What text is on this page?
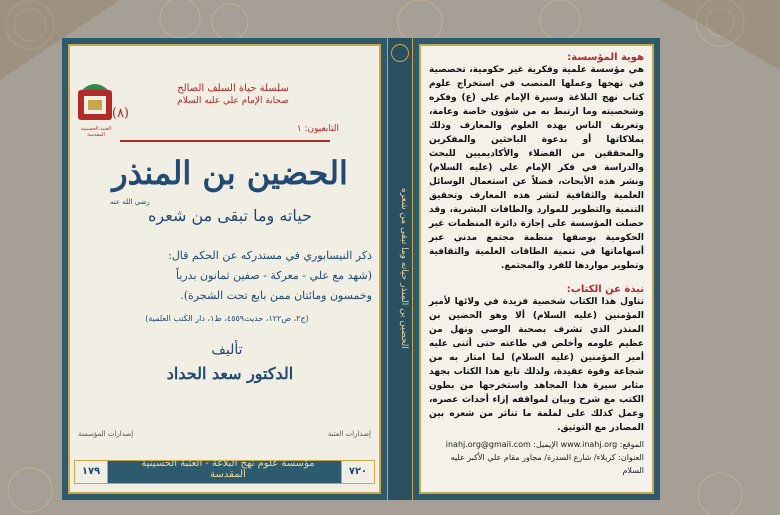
العتبة الحسينية المقدسة
سلسلة حياة السلف الصالح
صحابة الإمام علي عليه السلام
(٨)
التابعيون: ١
الحضين بن المنذر
رضي الله عنه
حياته وما تبقى من شعره
ذكر النيسابوري في مستدركه عن الحكم قال:
(شهد مع علي - معركة - صفين ثمانون بدرياً
وخمسون ومائتان ممن بايع تحت الشجرة).
(ج٢، ص١٢٢، حديث٤٥٥٩، ط١، دار الكتب العلمية)
تأليف
الدكتور سعد الحداد
إصدارات العتبة
إصدارات المؤسسة
مؤسسة علوم نهج البلاغة - العتبة الحسينية المقدسة
١٧٩	٧٢٠
الحضين بن المنذر حياته وما تبقى من شعره
هوية المؤسسة:
هي مؤسسة علمية وفكرية غير حكومية، تخصصية في تهجها وعملها المنصب في استخراج علوم كتاب نهج البلاغة وسيرة الإمام علي (ع) وفكره وشخصيته وما ارتبط به من شؤون خاصة وعامة، وتعريف الناس بهذه العلوم والمعارف وذلك بملاكاتها أو بدعوة الباحثين والمفكرين والمحققين من الفضلاء والأكاديميين للبحث والدراسة في فكر الإمام علي (عليه السلام) ونشر هذه الأبحاث، فضلاً عن استعمال الوسائل العلمية والثقافية لنشر هذه المعارف وتحقيق التنمية والتطوير للموارد والطاقات البشرية، وقد حصلت المؤسسة على إجازة دائرة المنظمات غير الحكومية بوصفها منظمة مجتمع مدني عبر أسهاماتها في تنمية الطاقات العلمية والثقافية وتطوير مواردها للفرد والمجتمع.
نبذة عن الكتاب:
تناول هذا الكتاب شخصية فريدة في ولائها لأمير المؤمنين (عليه السلام) ألا وهو الحضين بن المنذر الذي تشرف بصحبة الوصي ونهل من عظيم علومه وأخلص في طاعته حتى أثنى عليه أمير المؤمنين (عليه السلام) لما امتاز به من شجاعة وقوة عقيدة، ولذلك تابع هذا الكتاب بجهد مثابر سيرة هذا المجاهد واستخرجها من بطون الكتب مع شرح وبيان لمواقفه إزاء أحداث عصره، وعمل كذلك على لملمة ما تناثر من شعره بين المصادر مع التوثيق.
الموقع: www.inahj.org الإيميل: inahj.org@gmail.com
العنوان: كربلاء/ شارع السدرة/ مجاور مقام علي الأكبر عليه السلام
